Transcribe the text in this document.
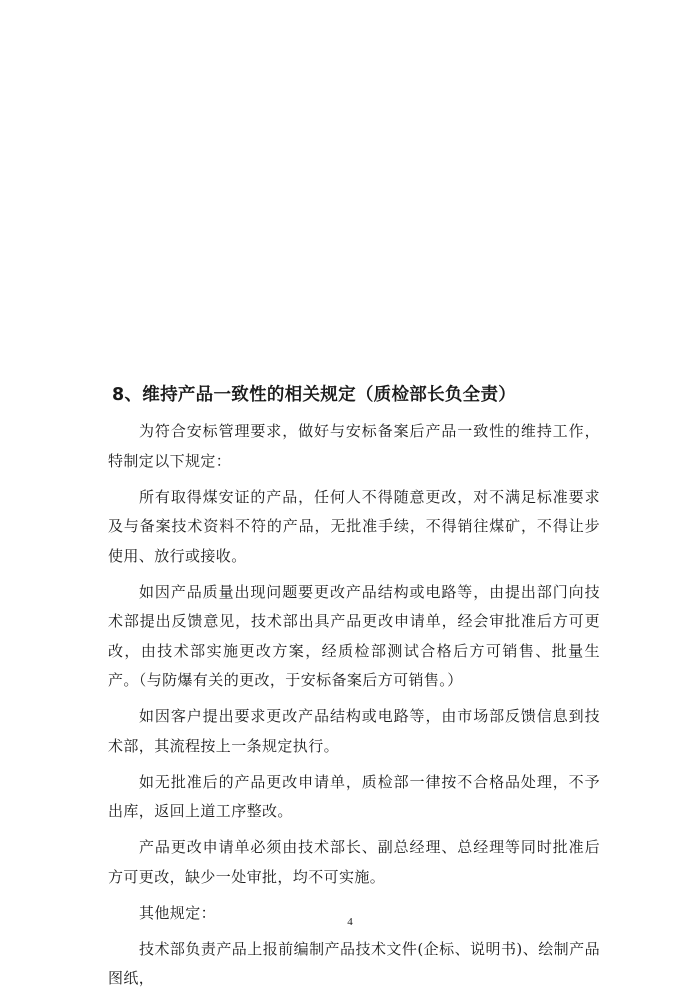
8、维持产品一致性的相关规定（质检部长负全责）

为符合安标管理要求，做好与安标备案后产品一致性的维持工作，特制定以下规定：

所有取得煤安证的产品，任何人不得随意更改，对不满足标准要求及与备案技术资料不符的产品，无批准手续，不得销往煤矿，不得让步使用、放行或接收。

如因产品质量出现问题要更改产品结构或电路等，由提出部门向技术部提出反馈意见，技术部出具产品更改申请单，经会审批准后方可更改，由技术部实施更改方案，经质检部测试合格后方可销售、批量生产。（与防爆有关的更改，于安标备案后方可销售。）

如因客户提出要求更改产品结构或电路等，由市场部反馈信息到技术部，其流程按上一条规定执行。

如无批准后的产品更改申请单，质检部一律按不合格品处理，不予出库，返回上道工序整改。

产品更改申请单必须由技术部长、副总经理、总经理等同时批准后方可更改，缺少一处审批，均不可实施。

其他规定：

技术部负责产品上报前编制产品技术文件(企标、说明书)、绘制产品图纸，

4
